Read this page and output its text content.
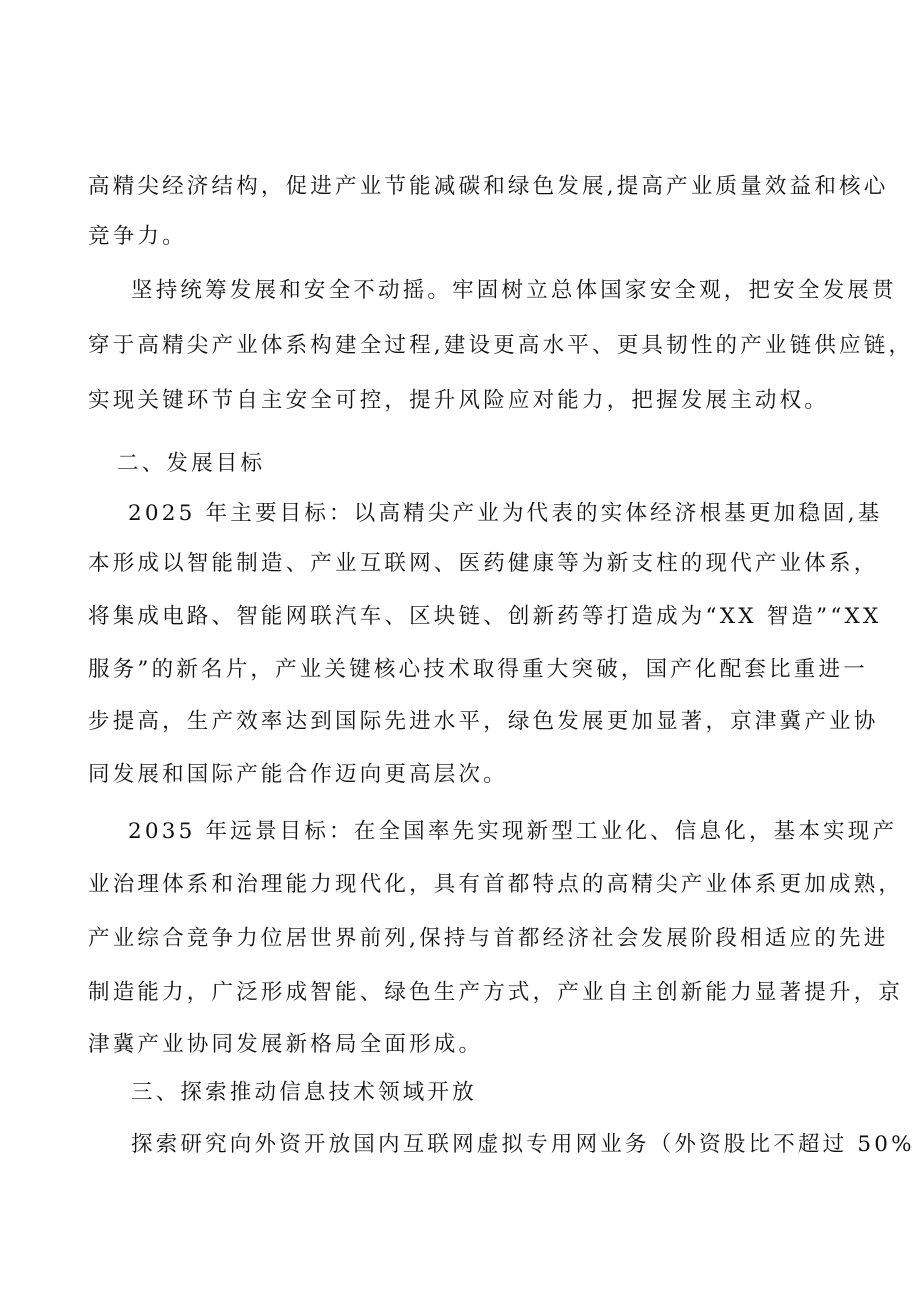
高精尖经济结构，促进产业节能减碳和绿色发展,提高产业质量效益和核心

竞争力。

坚持统筹发展和安全不动摇。牢固树立总体国家安全观，把安全发展贯

穿于高精尖产业体系构建全过程,建设更高水平、更具韧性的产业链供应链，

实现关键环节自主安全可控，提升风险应对能力，把握发展主动权。

二、发展目标

2025 年主要目标：以高精尖产业为代表的实体经济根基更加稳固,基

本形成以智能制造、产业互联网、医药健康等为新支柱的现代产业体系，

将集成电路、智能网联汽车、区块链、创新药等打造成为“XX 智造”“XX

服务”的新名片，产业关键核心技术取得重大突破，国产化配套比重进一

步提高，生产效率达到国际先进水平，绿色发展更加显著，京津冀产业协

同发展和国际产能合作迈向更高层次。

2035 年远景目标：在全国率先实现新型工业化、信息化，基本实现产

业治理体系和治理能力现代化，具有首都特点的高精尖产业体系更加成熟，

产业综合竞争力位居世界前列,保持与首都经济社会发展阶段相适应的先进

制造能力，广泛形成智能、绿色生产方式，产业自主创新能力显著提升，京

津冀产业协同发展新格局全面形成。

三、探索推动信息技术领域开放

探索研究向外资开放国内互联网虚拟专用网业务（外资股比不超过 50%
